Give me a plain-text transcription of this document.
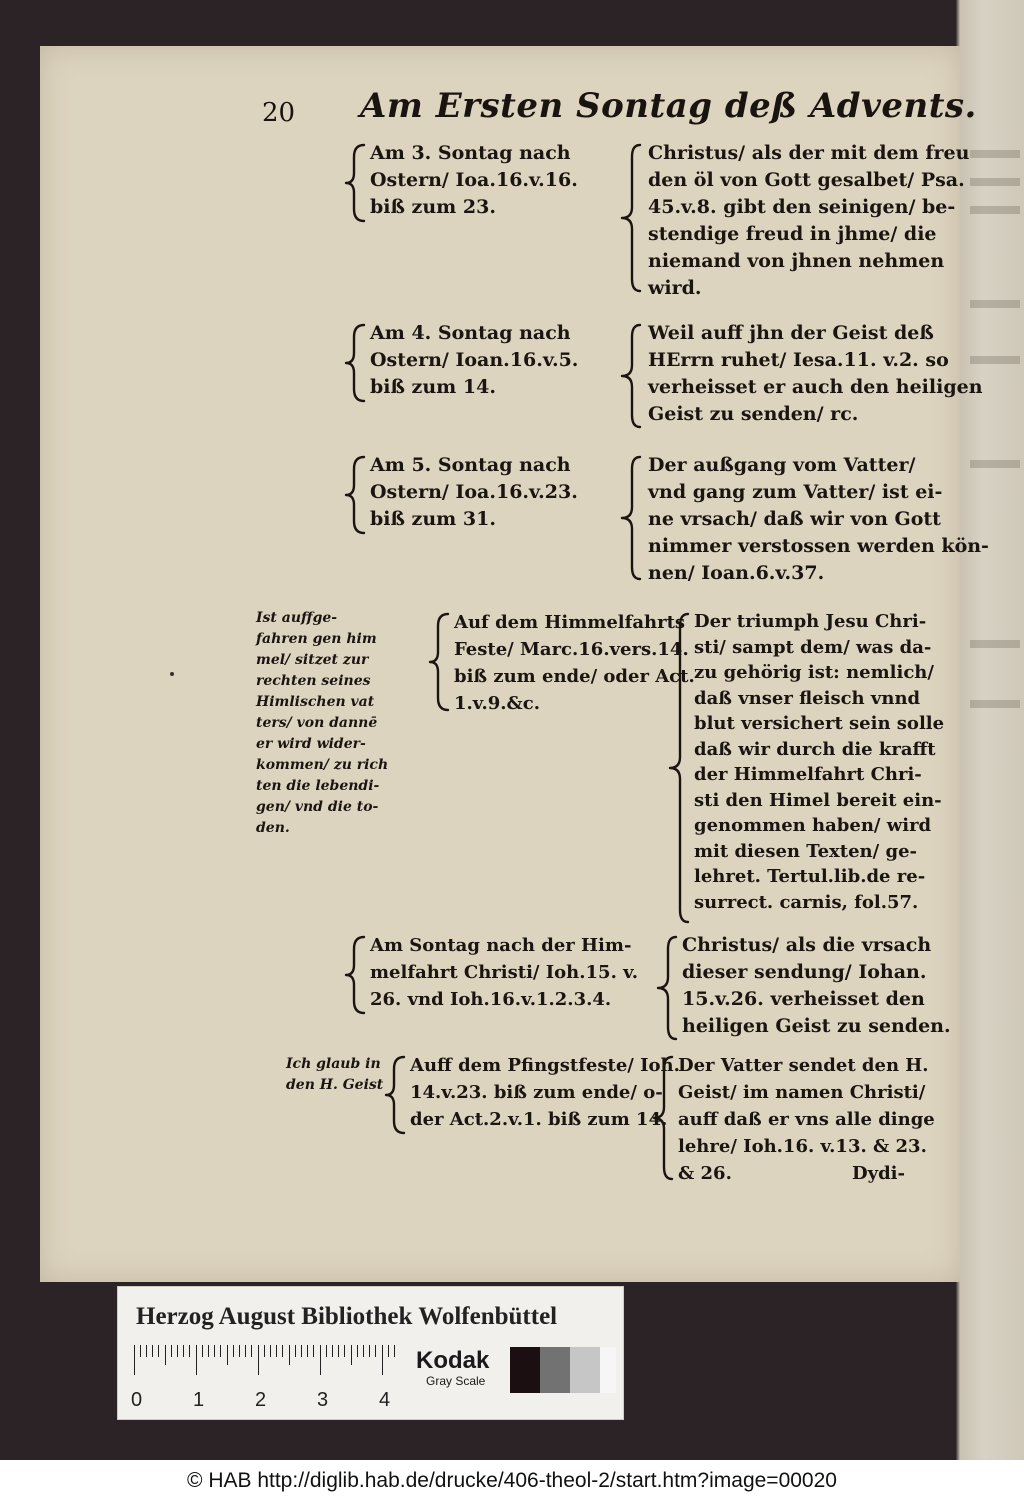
20 Am Ersten Sontag deß Advents.
Am 3. Sontag nach
Ostern/ Ioa.16.v.16.
biß zum 23.
Christus/ als der mit dem freu
den öl von Gott gesalbet/ Psa.
45.v.8. gibt den seinigen/ be-
stendige freud in jhme/ die
niemand von jhnen nehmen
wird.
Am 4. Sontag nach
Ostern/ Ioan.16.v.5.
biß zum 14.
Weil auff jhn der Geist deß
HErrn ruhet/ Iesa.11. v.2. so
verheisset er auch den heiligen
Geist zu senden/ rc.
Am 5. Sontag nach
Ostern/ Ioa.16.v.23.
biß zum 31.
Der außgang vom Vatter/
vnd gang zum Vatter/ ist ei-
ne vrsach/ daß wir von Gott
nimmer verstossen werden kön-
nen/ Ioan.6.v.37.
Ist auffge-
fahren gen him
mel/ sitzet zur
rechten seines
Himlischen vat
ters/ von dannē
er wird wider-
kommen/ zu rich
ten die lebendi-
gen/ vnd die to-
den.
Auf dem Himmelfahrts
Feste/ Marc.16.vers.14.
biß zum ende/ oder Act.
1.v.9.&c.
Der triumph Jesu Chri-
sti/ sampt dem/ was da-
zu gehörig ist: nemlich/
daß vnser fleisch vnnd
blut versichert sein solle
daß wir durch die krafft
der Himmelfahrt Chri-
sti den Himel bereit ein-
genommen haben/ wird
mit diesen Texten/ ge-
lehret. Tertul.lib.de re-
surrect. carnis, fol.57.
Am Sontag nach der Him-
melfahrt Christi/ Ioh.15. v.
26. vnd Ioh.16.v.1.2.3.4.
Christus/ als die vrsach
dieser sendung/ Iohan.
15.v.26. verheisset den
heiligen Geist zu senden.
Ich glaub in
den H. Geist
Auff dem Pfingstfeste/ Ioh.
14.v.23. biß zum ende/ o-
der Act.2.v.1. biß zum 14.
Der Vatter sendet den H.
Geist/ im namen Christi/
auff daß er vns alle dinge
lehre/ Ioh.16. v.13. & 23.
& 26.	Dydi-
Herzog August Bibliothek Wolfenbüttel
0	1	2	3	4
Kodak
Gray Scale
© HAB http://diglib.hab.de/drucke/406-theol-2/start.htm?image=00020
